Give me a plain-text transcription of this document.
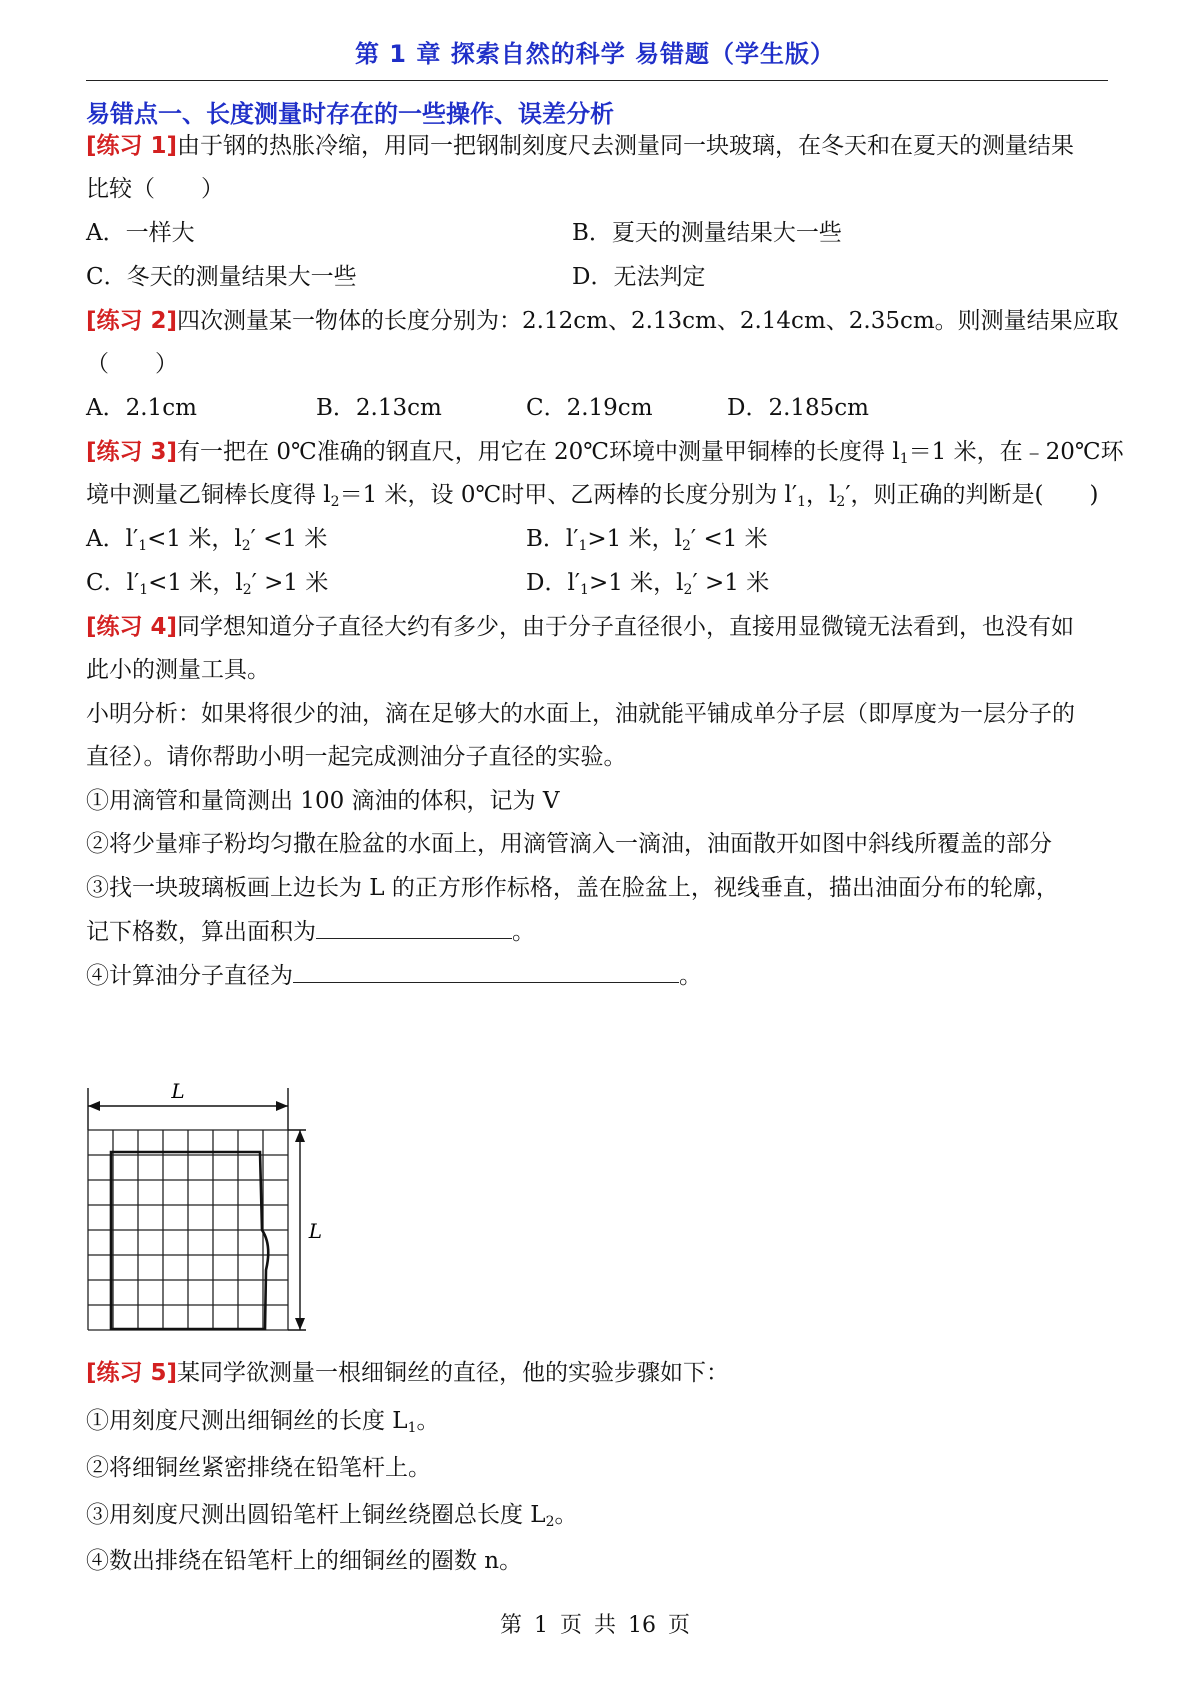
第 1 章 探索自然的科学 易错题（学生版）
易错点一、长度测量时存在的一些操作、误差分析
[练习 1]由于钢的热胀冷缩，用同一把钢制刻度尺去测量同一块玻璃，在冬天和在夏天的测量结果
比较（　　）
A．一样大	B．夏天的测量结果大一些
C．冬天的测量结果大一些	D．无法判定
[练习 2]四次测量某一物体的长度分别为：2.12cm、2.13cm、2.14cm、2.35cm。则测量结果应取
（　　）
A．2.1cm	B．2.13cm	C．2.19cm	D．2.185cm
[练习 3]有一把在 0℃准确的钢直尺，用它在 20℃环境中测量甲铜棒的长度得 $l_1=1$ 米，在﹣20℃环
境中测量乙铜棒长度得 $l_2=1$ 米，设 0℃时甲、乙两棒的长度分别为 $l'_1$，$l_2'$，则正确的判断是(　　)
A．$l'_1<1$ 米，$l_2' <1$ 米	B．$l'_1>1$ 米，$l_2' <1$ 米
C．$l'_1<1$ 米，$l_2' >1$ 米	D．$l'_1>1$ 米，$l_2' >1$ 米
[练习 4]同学想知道分子直径大约有多少，由于分子直径很小，直接用显微镜无法看到，也没有如
此小的测量工具。
小明分析：如果将很少的油，滴在足够大的水面上，油就能平铺成单分子层（即厚度为一层分子的
直径）。请你帮助小明一起完成测油分子直径的实验。
①用滴管和量筒测出 100 滴油的体积，记为 V
②将少量痱子粉均匀撒在脸盆的水面上，用滴管滴入一滴油，油面散开如图中斜线所覆盖的部分
③找一块玻璃板画上边长为 L 的正方形作标格，盖在脸盆上，视线垂直，描出油面分布的轮廓，
记下格数，算出面积为	。
④计算油分子直径为	。
L
L
[练习 5]某同学欲测量一根细铜丝的直径，他的实验步骤如下：
①用刻度尺测出细铜丝的长度 $L_1$。
②将细铜丝紧密排绕在铅笔杆上。
③用刻度尺测出圆铅笔杆上铜丝绕圈总长度 $L_2$。
④数出排绕在铅笔杆上的细铜丝的圈数 n。
第 1 页 共 16 页
